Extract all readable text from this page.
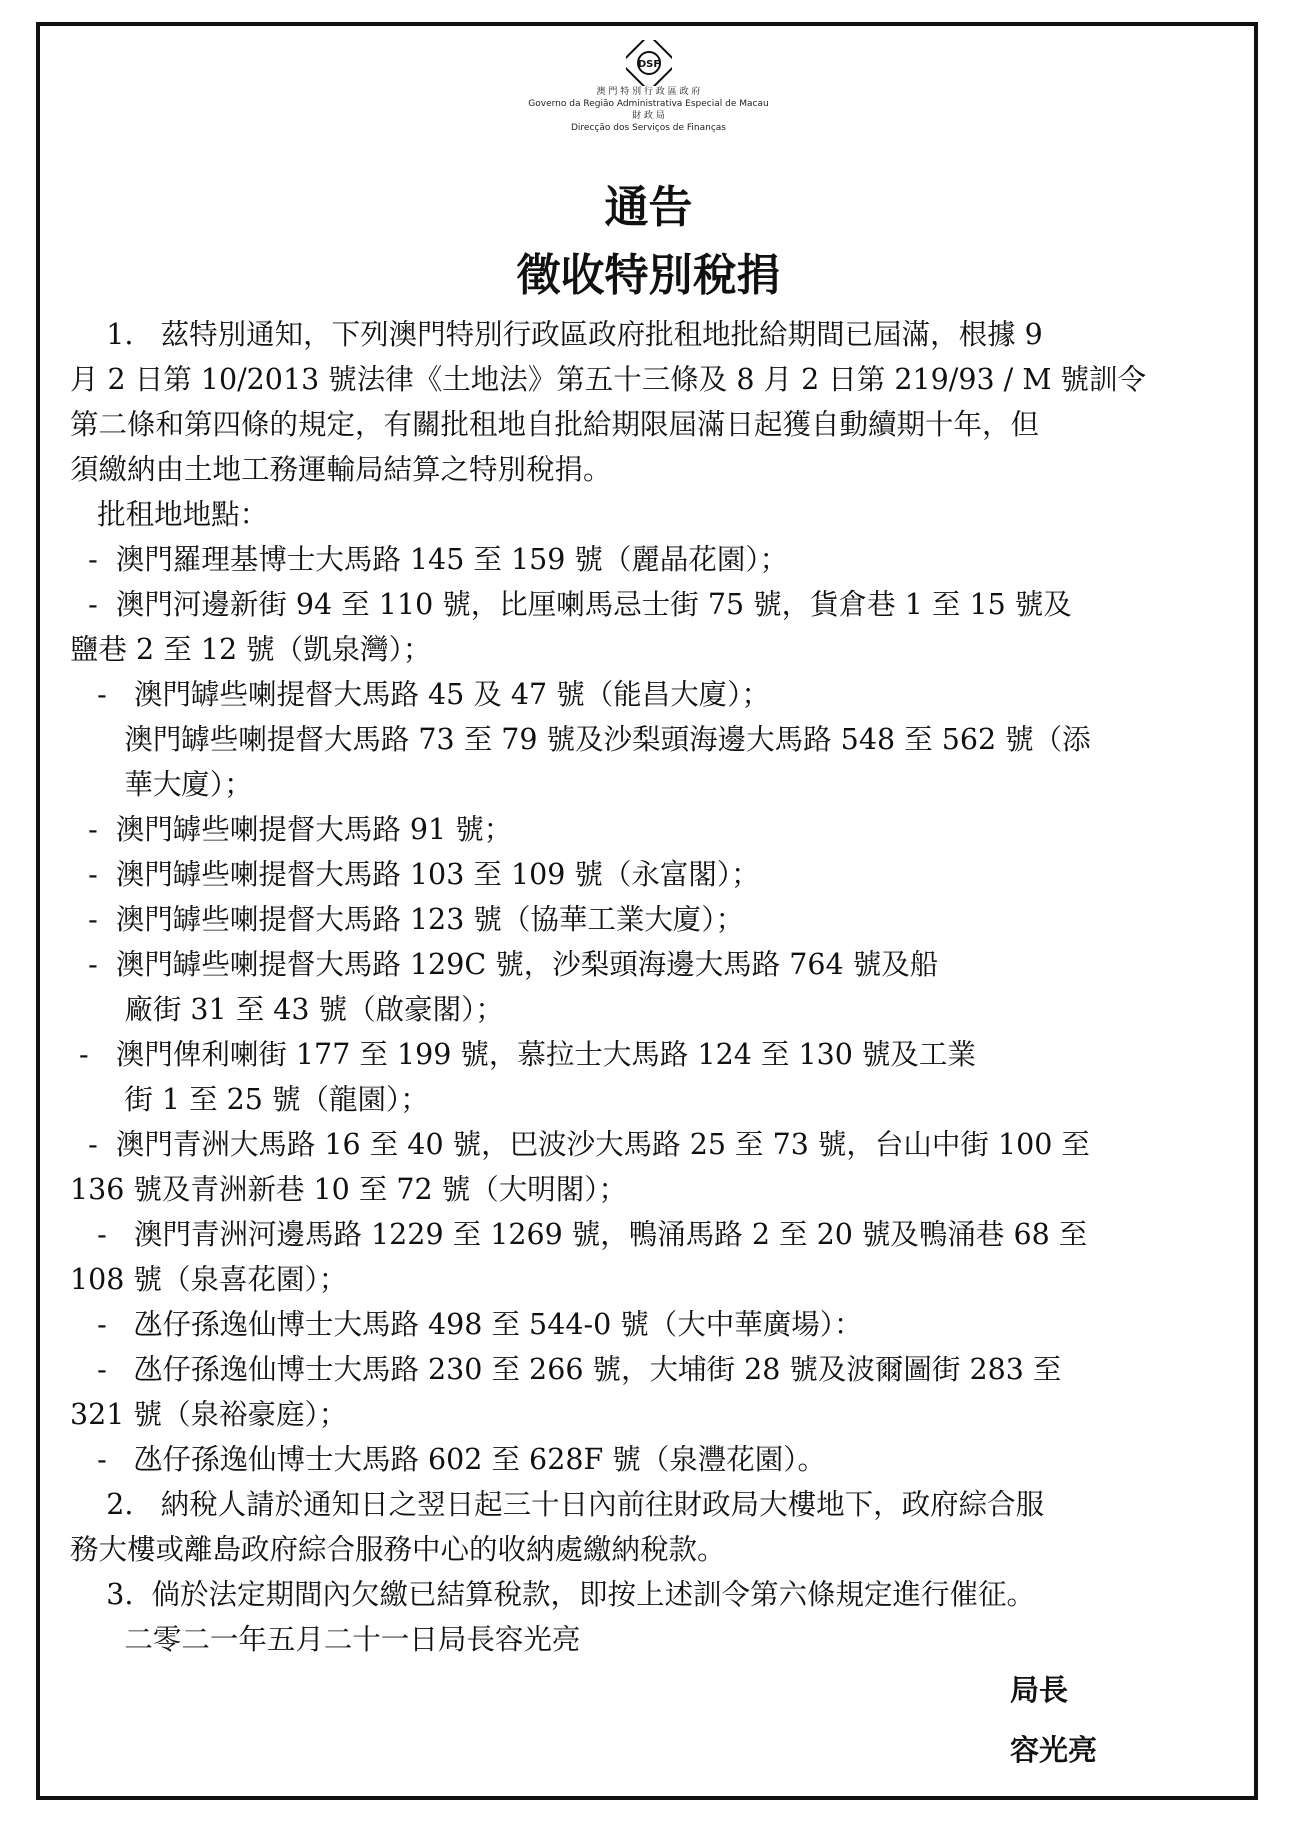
DSF
澳 門 特 別 行 政 區 政 府
Governo da Região Administrativa Especial de Macau
財 政 局
Direcção dos Serviços de Finanças
通告
徵收特別稅捐
1.   茲特別通知，下列澳門特別行政區政府批租地批給期間已屆滿，根據 9
月 2 日第 10/2013 號法律《土地法》第五十三條及 8 月 2 日第 219/93 / M 號訓令
第二條和第四條的規定，有關批租地自批給期限屆滿日起獲自動續期十年，但
須繳納由土地工務運輸局結算之特別稅捐。
批租地地點：
-  澳門羅理基博士大馬路 145 至 159 號（麗晶花園）；
-  澳門河邊新街 94 至 110 號，比厘喇馬忌士街 75 號，貨倉巷 1 至 15 號及
鹽巷 2 至 12 號（凱泉灣）；
-   澳門罅些喇提督大馬路 45 及 47 號（能昌大廈）；
澳門罅些喇提督大馬路 73 至 79 號及沙梨頭海邊大馬路 548 至 562 號（添
華大廈）；
-  澳門罅些喇提督大馬路 91 號；
-  澳門罅些喇提督大馬路 103 至 109 號（永富閣）；
-  澳門罅些喇提督大馬路 123 號（協華工業大廈）；
-  澳門罅些喇提督大馬路 129C 號，沙梨頭海邊大馬路 764 號及船
廠街 31 至 43 號（啟豪閣）；
-   澳門俾利喇街 177 至 199 號，慕拉士大馬路 124 至 130 號及工業
街 1 至 25 號（龍園）；
-  澳門青洲大馬路 16 至 40 號，巴波沙大馬路 25 至 73 號，台山中街 100 至
136 號及青洲新巷 10 至 72 號（大明閣）；
-   澳門青洲河邊馬路 1229 至 1269 號，鴨涌馬路 2 至 20 號及鴨涌巷 68 至
108 號（泉喜花園）；
-   氹仔孫逸仙博士大馬路 498 至 544-0 號（大中華廣場）：
-   氹仔孫逸仙博士大馬路 230 至 266 號，大埔街 28 號及波爾圖街 283 至
321 號（泉裕豪庭）；
-   氹仔孫逸仙博士大馬路 602 至 628F 號（泉灃花園）。
2.   納稅人請於通知日之翌日起三十日內前往財政局大樓地下，政府綜合服
務大樓或離島政府綜合服務中心的收納處繳納稅款。
3.  倘於法定期間內欠繳已結算稅款，即按上述訓令第六條規定進行催征。
二零二一年五月二十一日局長容光亮
局長
容光亮
